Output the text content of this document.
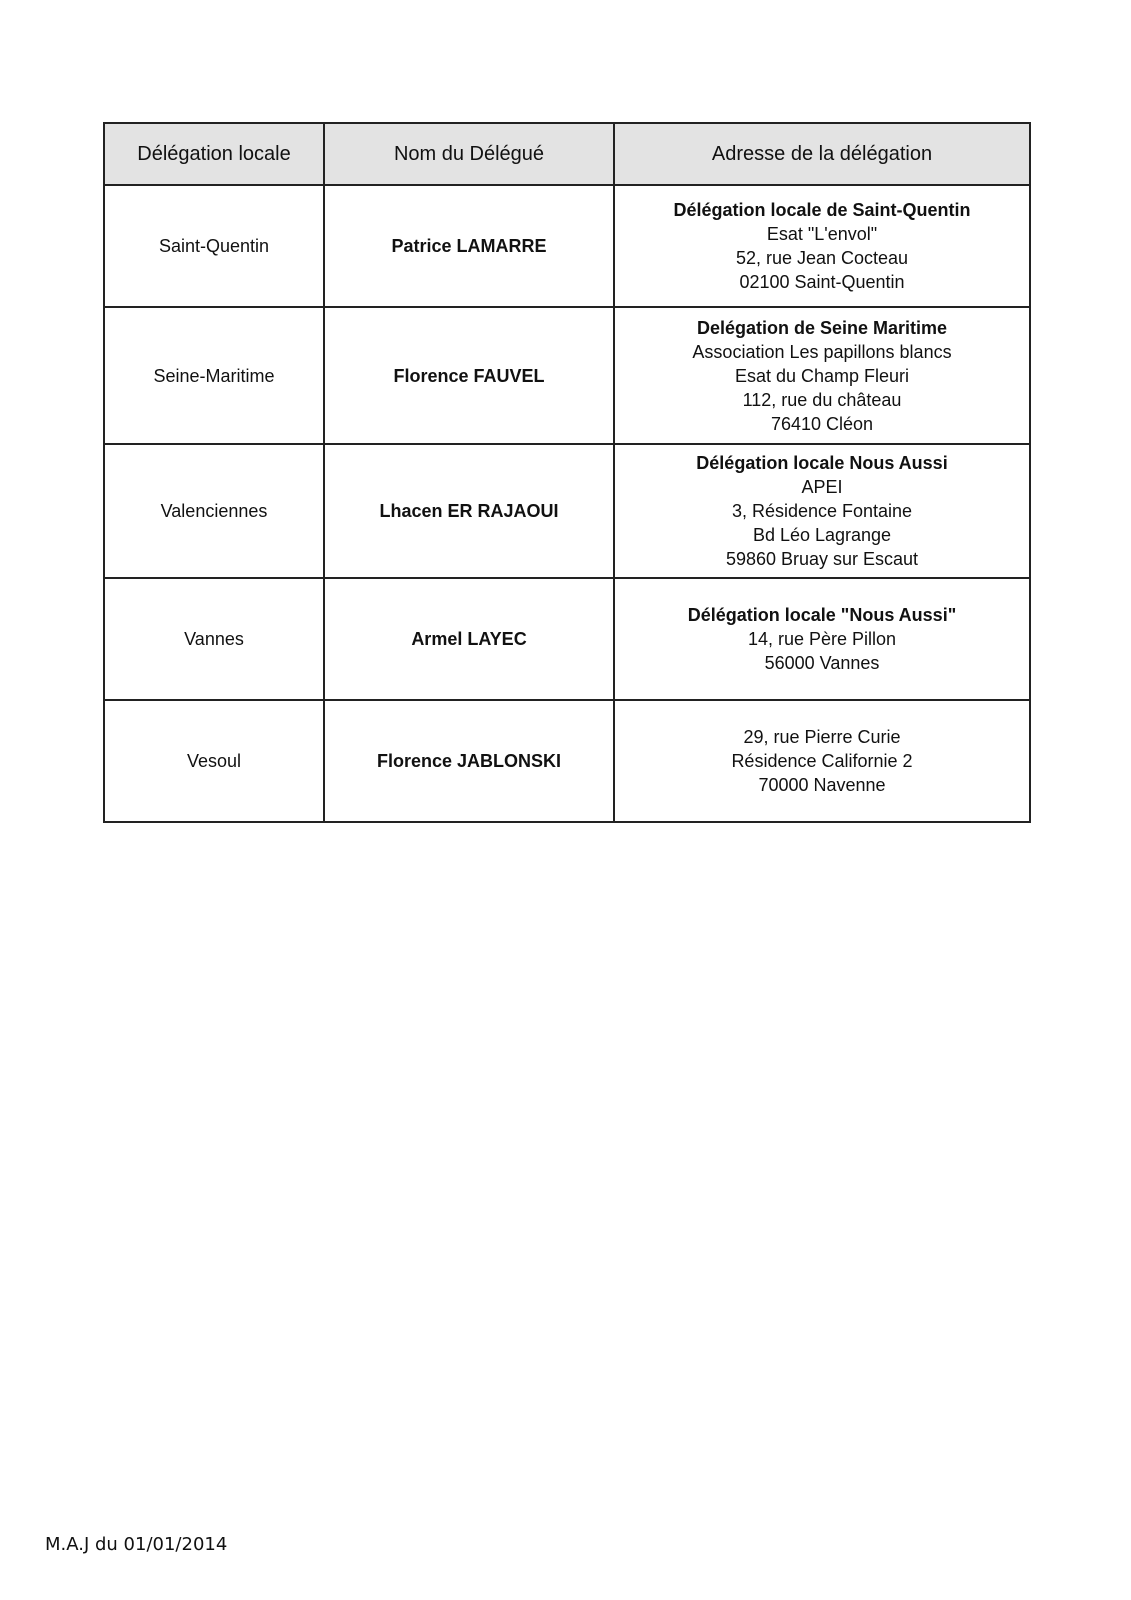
Délégation locale	Nom du Délégué	Adresse de la délégation
Saint-Quentin	Patrice LAMARRE	Délégation locale de Saint-Quentin
Esat "L'envol"
52, rue Jean Cocteau
02100 Saint-Quentin

Seine-Maritime	Florence FAUVEL	Delégation de Seine Maritime
Association Les papillons blancs
Esat du Champ Fleuri
112, rue du château
76410 Cléon

Valenciennes	Lhacen ER RAJAOUI	Délégation locale Nous Aussi
APEI
3, Résidence Fontaine
Bd Léo Lagrange
59860 Bruay sur Escaut

Vannes	Armel LAYEC	Délégation locale "Nous Aussi"
14, rue Père Pillon
56000 Vannes

Vesoul	Florence JABLONSKI	29, rue Pierre Curie
Résidence Californie 2
70000 Navenne
M.A.J du 01/01/2014
